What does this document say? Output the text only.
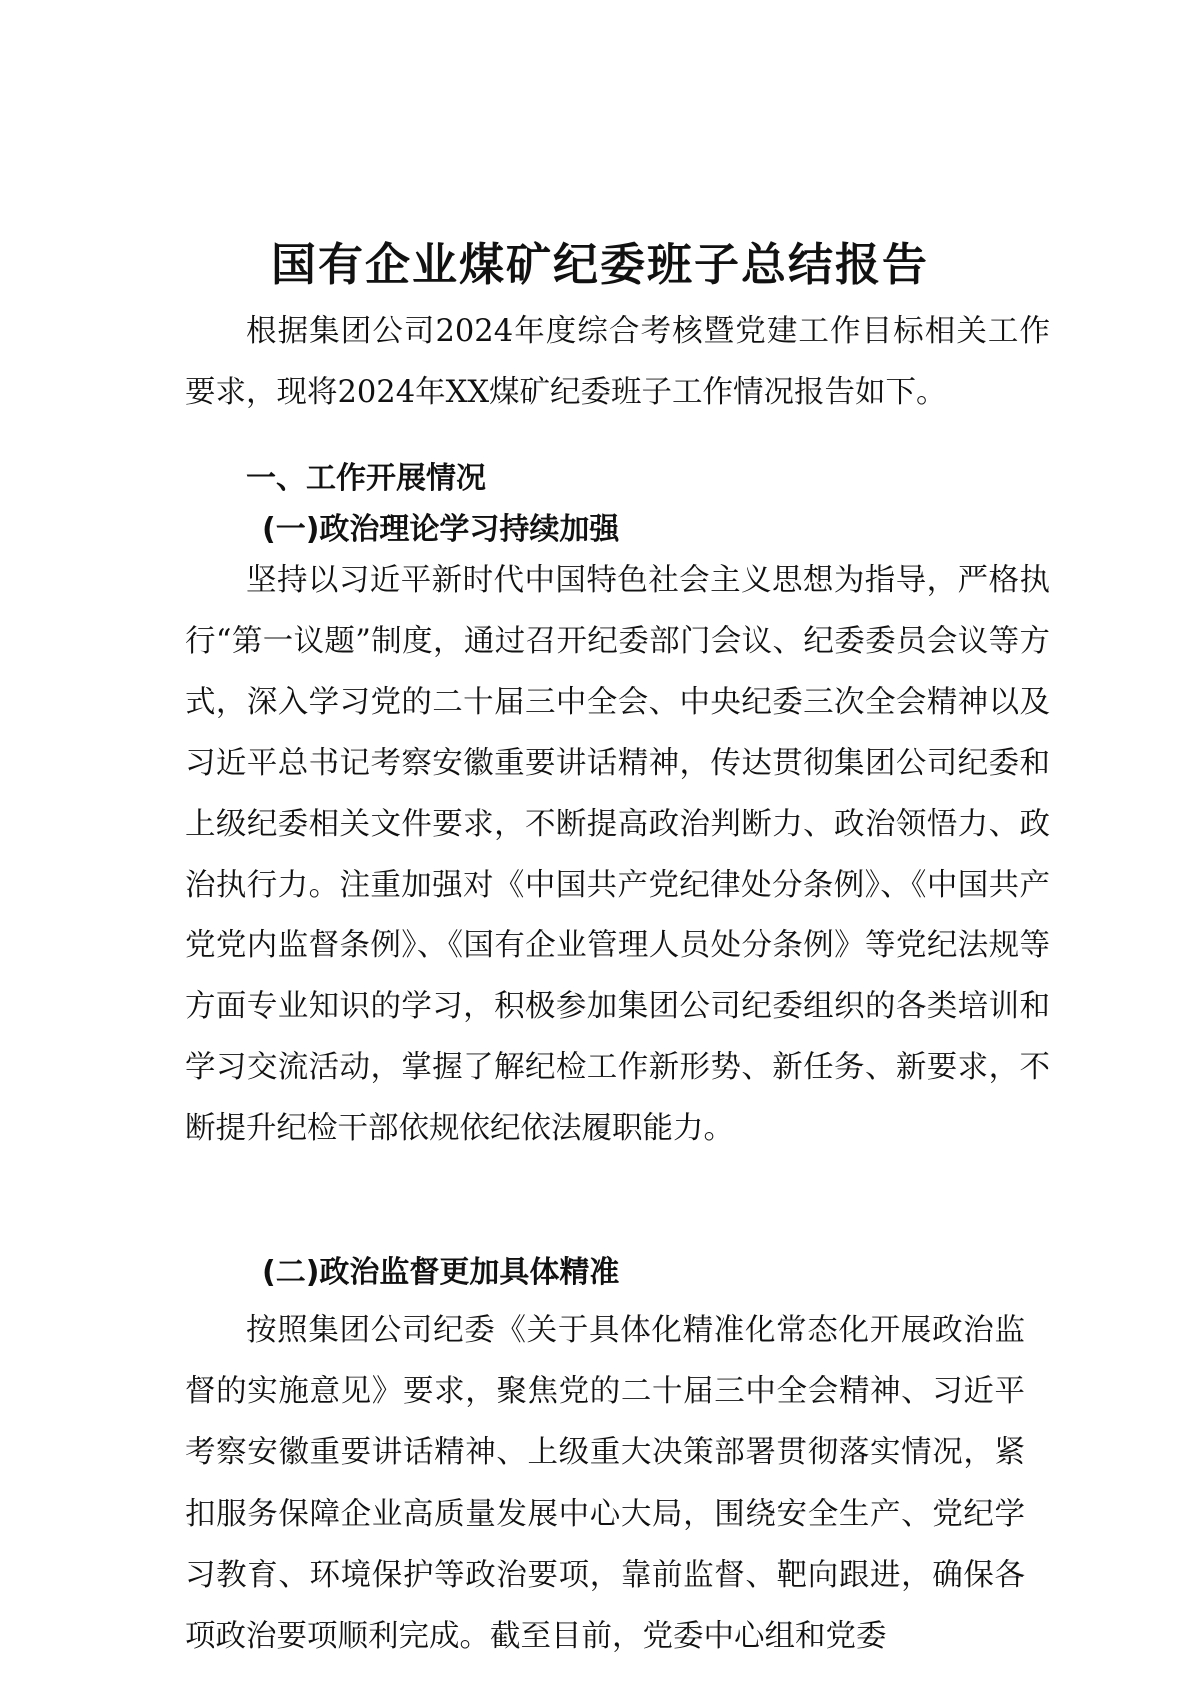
国有企业煤矿纪委班子总结报告

根据集团公司2024年度综合考核暨党建工作目标相关工作要求，现将2024年XX煤矿纪委班子工作情况报告如下。

一、工作开展情况
(一)政治理论学习持续加强

坚持以习近平新时代中国特色社会主义思想为指导，严格执行“第一议题”制度，通过召开纪委部门会议、纪委委员会议等方式，深入学习党的二十届三中全会、中央纪委三次全会精神以及习近平总书记考察安徽重要讲话精神，传达贯彻集团公司纪委和上级纪委相关文件要求，不断提高政治判断力、政治领悟力、政治执行力。注重加强对《中国共产党纪律处分条例》、《中国共产党党内监督条例》、《国有企业管理人员处分条例》等党纪法规等方面专业知识的学习，积极参加集团公司纪委组织的各类培训和学习交流活动，掌握了解纪检工作新形势、新任务、新要求，不断提升纪检干部依规依纪依法履职能力。

(二)政治监督更加具体精准

按照集团公司纪委《关于具体化精准化常态化开展政治监督的实施意见》要求，聚焦党的二十届三中全会精神、习近平考察安徽重要讲话精神、上级重大决策部署贯彻落实情况，紧扣服务保障企业高质量发展中心大局，围绕安全生产、党纪学习教育、环境保护等政治要项，靠前监督、靶向跟进，确保各项政治要项顺利完成。截至目前，党委中心组和党委
